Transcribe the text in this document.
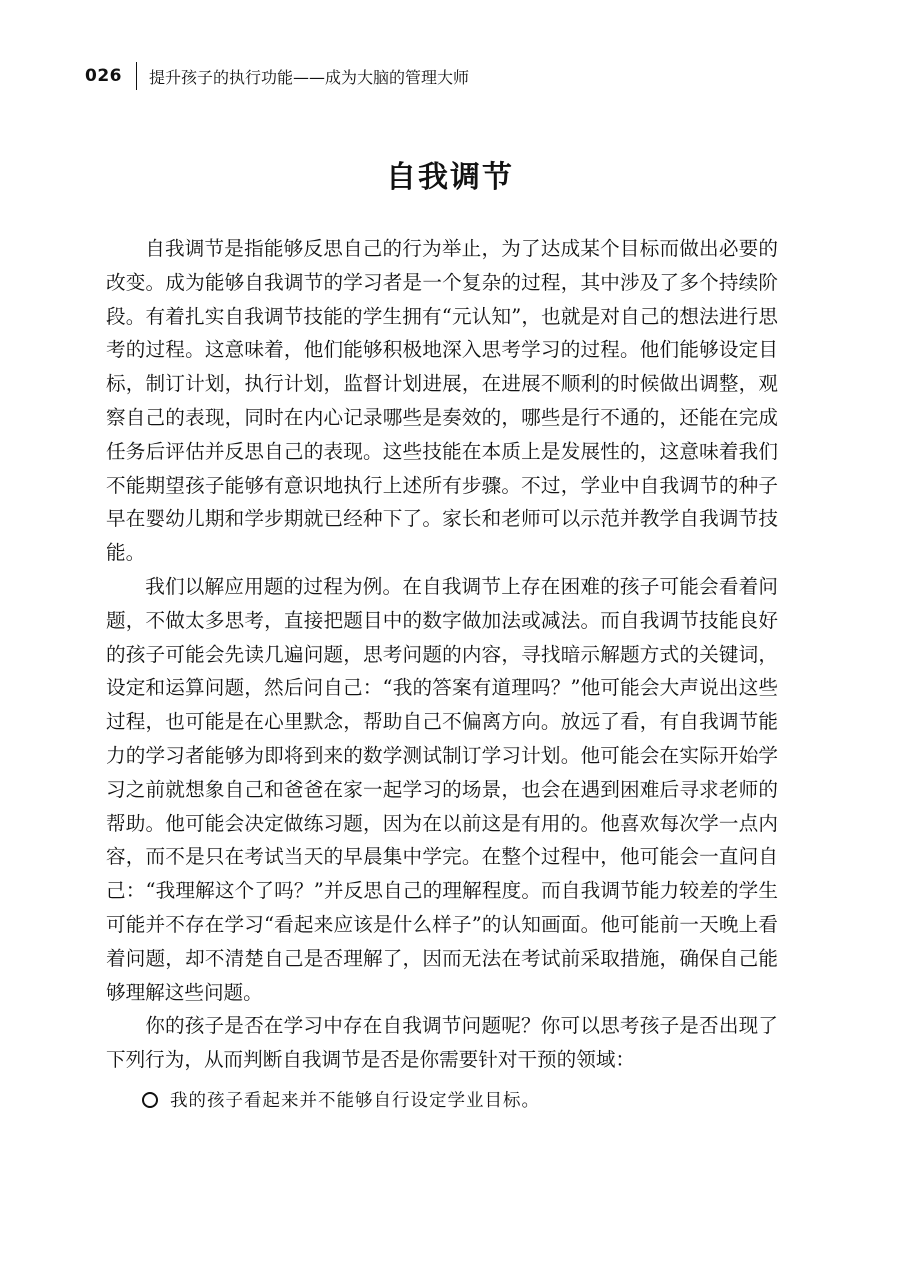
026 提升孩子的执行功能——成为大脑的管理大师
自我调节

自我调节是指能够反思自己的行为举止，为了达成某个目标而做出必要的改变。成为能够自我调节的学习者是一个复杂的过程，其中涉及了多个持续阶段。有着扎实自我调节技能的学生拥有“元认知”，也就是对自己的想法进行思考的过程。这意味着，他们能够积极地深入思考学习的过程。他们能够设定目标，制订计划，执行计划，监督计划进展，在进展不顺利的时候做出调整，观察自己的表现，同时在内心记录哪些是奏效的，哪些是行不通的，还能在完成任务后评估并反思自己的表现。这些技能在本质上是发展性的，这意味着我们不能期望孩子能够有意识地执行上述所有步骤。不过，学业中自我调节的种子早在婴幼儿期和学步期就已经种下了。家长和老师可以示范并教学自我调节技能。

我们以解应用题的过程为例。在自我调节上存在困难的孩子可能会看着问题，不做太多思考，直接把题目中的数字做加法或减法。而自我调节技能良好的孩子可能会先读几遍问题，思考问题的内容，寻找暗示解题方式的关键词，设定和运算问题，然后问自己：“我的答案有道理吗？”他可能会大声说出这些过程，也可能是在心里默念，帮助自己不偏离方向。放远了看，有自我调节能力的学习者能够为即将到来的数学测试制订学习计划。他可能会在实际开始学习之前就想象自己和爸爸在家一起学习的场景，也会在遇到困难后寻求老师的帮助。他可能会决定做练习题，因为在以前这是有用的。他喜欢每次学一点内容，而不是只在考试当天的早晨集中学完。在整个过程中，他可能会一直问自己：“我理解这个了吗？”并反思自己的理解程度。而自我调节能力较差的学生可能并不存在学习“看起来应该是什么样子”的认知画面。他可能前一天晚上看着问题，却不清楚自己是否理解了，因而无法在考试前采取措施，确保自己能够理解这些问题。

你的孩子是否在学习中存在自我调节问题呢？你可以思考孩子是否出现了下列行为，从而判断自我调节是否是你需要针对干预的领域：

我的孩子看起来并不能够自行设定学业目标。
